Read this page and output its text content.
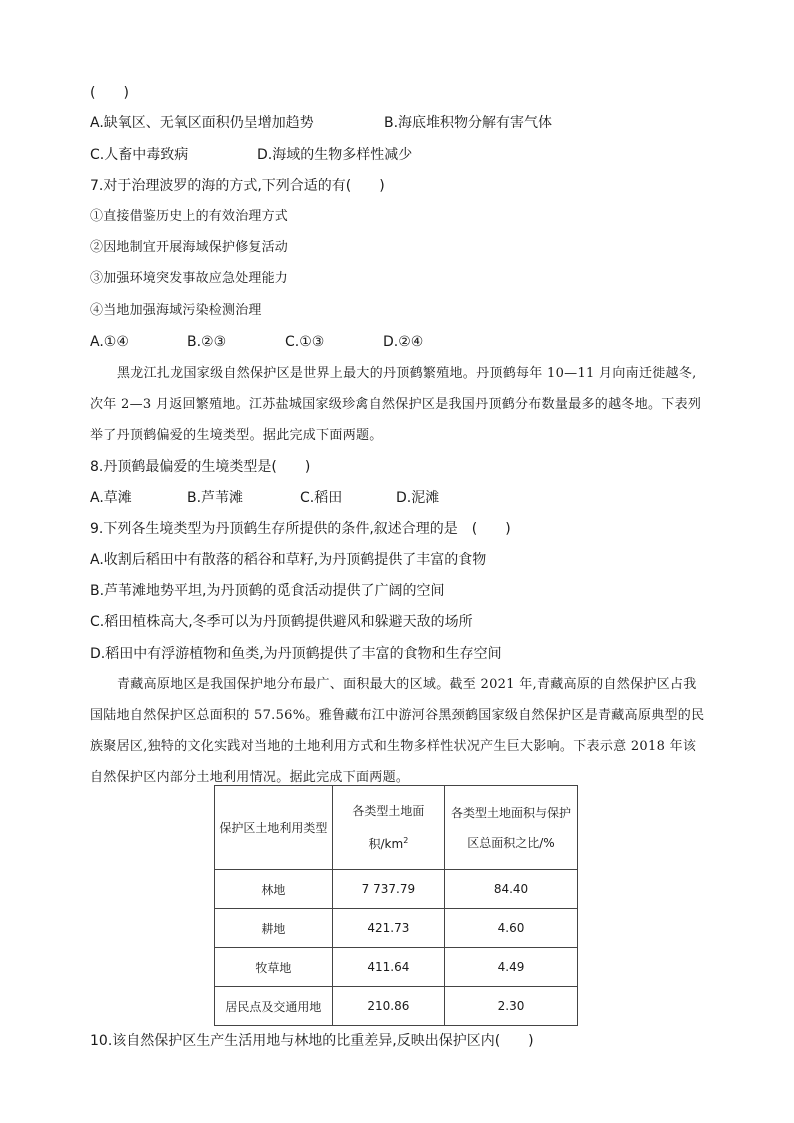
(　　)
A.缺氧区、无氧区面积仍呈增加趋势	B.海底堆积物分解有害气体
C.人畜中毒致病	D.海域的生物多样性减少
7.对于治理波罗的海的方式,下列合适的有(　　)
①直接借鉴历史上的有效治理方式
②因地制宜开展海域保护修复活动
③加强环境突发事故应急处理能力
④当地加强海域污染检测治理
A.①④	B.②③	C.①③	D.②④
黑龙江扎龙国家级自然保护区是世界上最大的丹顶鹤繁殖地。丹顶鹤每年 10—11 月向南迁徙越冬,次年 2—3 月返回繁殖地。江苏盐城国家级珍禽自然保护区是我国丹顶鹤分布数量最多的越冬地。下表列举了丹顶鹤偏爱的生境类型。据此完成下面两题。
8.丹顶鹤最偏爱的生境类型是(　　)
A.草滩	B.芦苇滩	C.稻田	D.泥滩
9.下列各生境类型为丹顶鹤生存所提供的条件,叙述合理的是　(　　)
A.收割后稻田中有散落的稻谷和草籽,为丹顶鹤提供了丰富的食物
B.芦苇滩地势平坦,为丹顶鹤的觅食活动提供了广阔的空间
C.稻田植株高大,冬季可以为丹顶鹤提供避风和躲避天敌的场所
D.稻田中有浮游植物和鱼类,为丹顶鹤提供了丰富的食物和生存空间
青藏高原地区是我国保护地分布最广、面积最大的区域。截至 2021 年,青藏高原的自然保护区占我国陆地自然保护区总面积的 57.56%。雅鲁藏布江中游河谷黑颈鹤国家级自然保护区是青藏高原典型的民族聚居区,独特的文化实践对当地的土地利用方式和生物多样性状况产生巨大影响。下表示意 2018 年该自然保护区内部分土地利用情况。据此完成下面两题。
保护区土地利用类型	各类型土地面积$/km^2$	各类型土地面积与保护区总面积之比/%

林地	7 737.79	84.40
耕地	421.73	4.60
牧草地	411.64	4.49
居民点及交通用地	210.86	2.30
10.该自然保护区生产生活用地与林地的比重差异,反映出保护区内(　　)
